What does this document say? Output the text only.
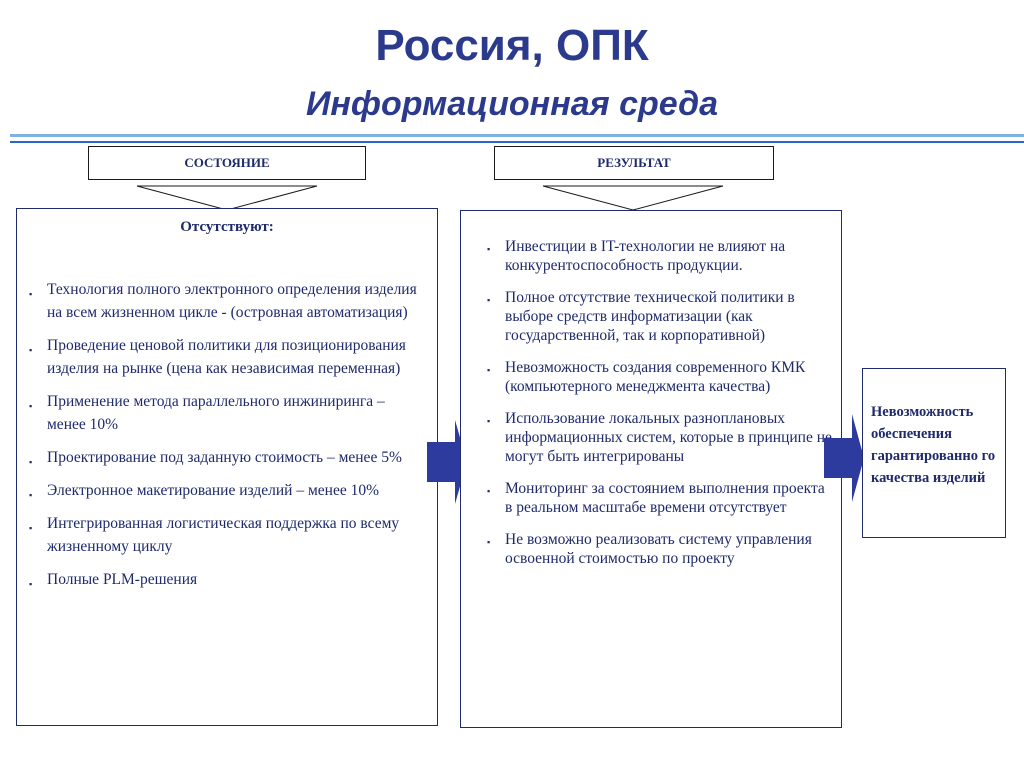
Россия, ОПК
Информационная среда
СОСТОЯНИЕ	РЕЗУЛЬТАТ
Отсутствуют:
▪ Технология полного электронного определения изделия на всем жизненном цикле - (островная автоматизация)
▪ Проведение ценовой политики для позиционирования изделия на рынке (цена как независимая переменная)
▪ Применение метода параллельного инжиниринга – менее 10%
▪ Проектирование под заданную стоимость – менее 5%
▪ Электронное макетирование изделий – менее 10%
▪ Интегрированная логистическая поддержка по всему жизненному циклу
▪ Полные PLM-решения
▪ Инвестиции в IT-технологии не влияют на конкурентоспособность продукции.
▪ Полное отсутствие технической политики в выборе средств информатизации (как государственной, так и корпоративной)
▪ Невозможность создания современного КМК (компьютерного менеджмента качества)
▪ Использование локальных разноплановых информационных систем, которые в принципе не могут быть интегрированы
▪ Мониторинг за состоянием выполнения проекта в реальном масштабе времени отсутствует
▪ Не возможно реализовать систему управления освоенной стоимостью по проекту
Невозможность обеспечения гарантированно го качества изделий
